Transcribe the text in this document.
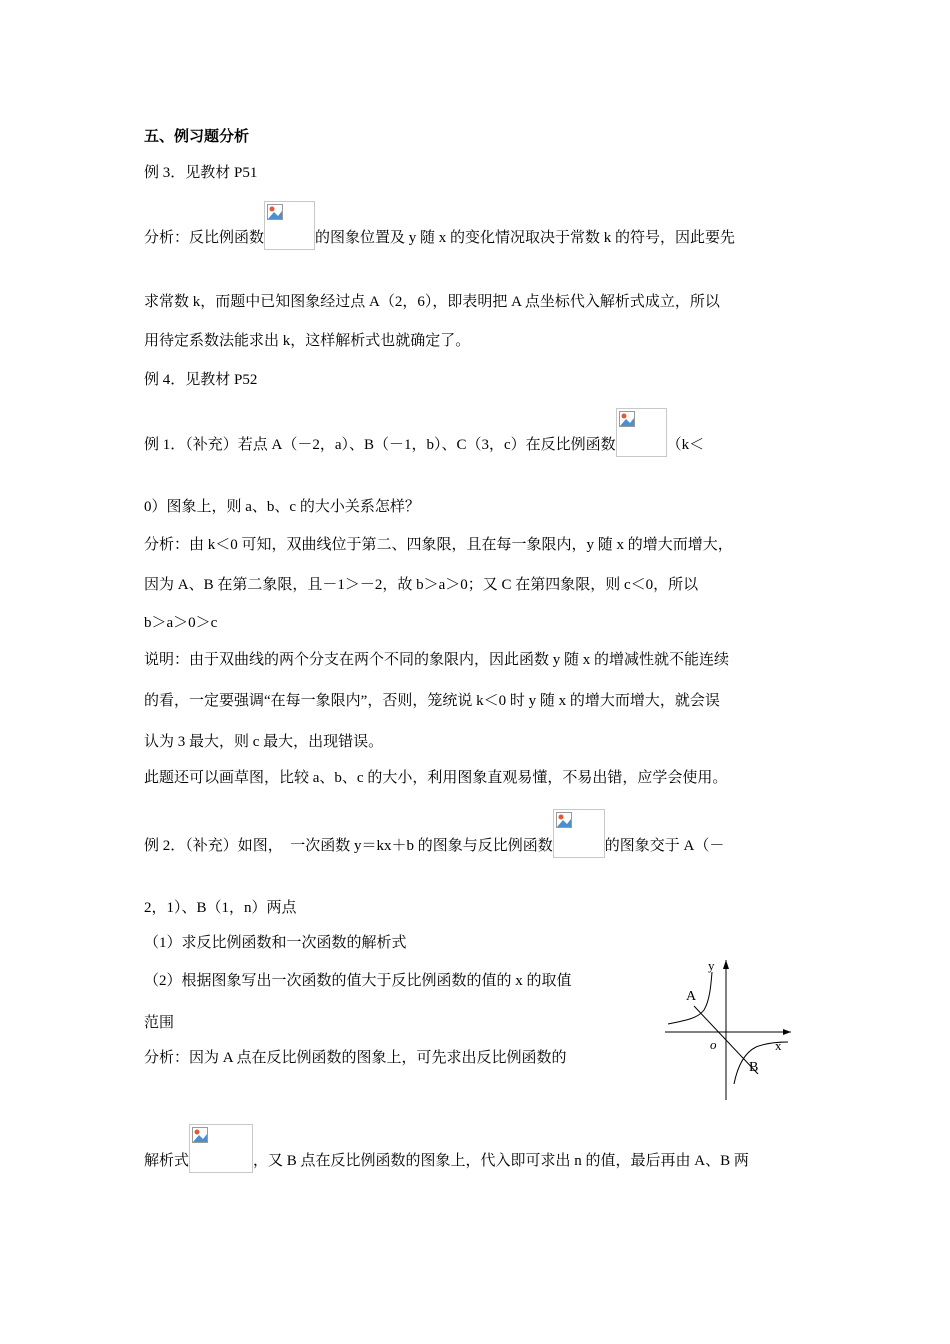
五、例习题分析
例 3．见教材 P51
分析：反比例函数	的图象位置及 y 随 x 的变化情况取决于常数 k 的符号，因此要先
求常数 k，而题中已知图象经过点 A（2，6），即表明把 A 点坐标代入解析式成立，所以
用待定系数法能求出 k，这样解析式也就确定了。
例 4．见教材 P52
例 1．（补充）若点 A（－2，a）、B（－1，b）、C（3，c）在反比例函数	（k＜
0）图象上，则 a、b、c 的大小关系怎样？
分析：由 k＜0 可知，双曲线位于第二、四象限，且在每一象限内，y 随 x 的增大而增大，
因为 A、B 在第二象限，且－1＞－2，故 b＞a＞0；又 C 在第四象限，则 c＜0，所以
b＞a＞0＞c
说明：由于双曲线的两个分支在两个不同的象限内，因此函数 y 随 x 的增减性就不能连续
的看，一定要强调“在每一象限内”，否则，笼统说 k＜0 时 y 随 x 的增大而增大，就会误
认为 3 最大，则 c 最大，出现错误。
此题还可以画草图，比较 a、b、c 的大小，利用图象直观易懂，不易出错，应学会使用。
例 2．（补充）如图，  一次函数 y＝kx＋b 的图象与反比例函数	的图象交于 A（－
2，1）、B（1，n）两点
（1）求反比例函数和一次函数的解析式
（2）根据图象写出一次函数的值大于反比例函数的值的 x 的取值
范围
分析：因为 A 点在反比例函数的图象上，可先求出反比例函数的
y
x
o
A
B
解析式	，又 B 点在反比例函数的图象上，代入即可求出 n 的值，最后再由 A、B 两
